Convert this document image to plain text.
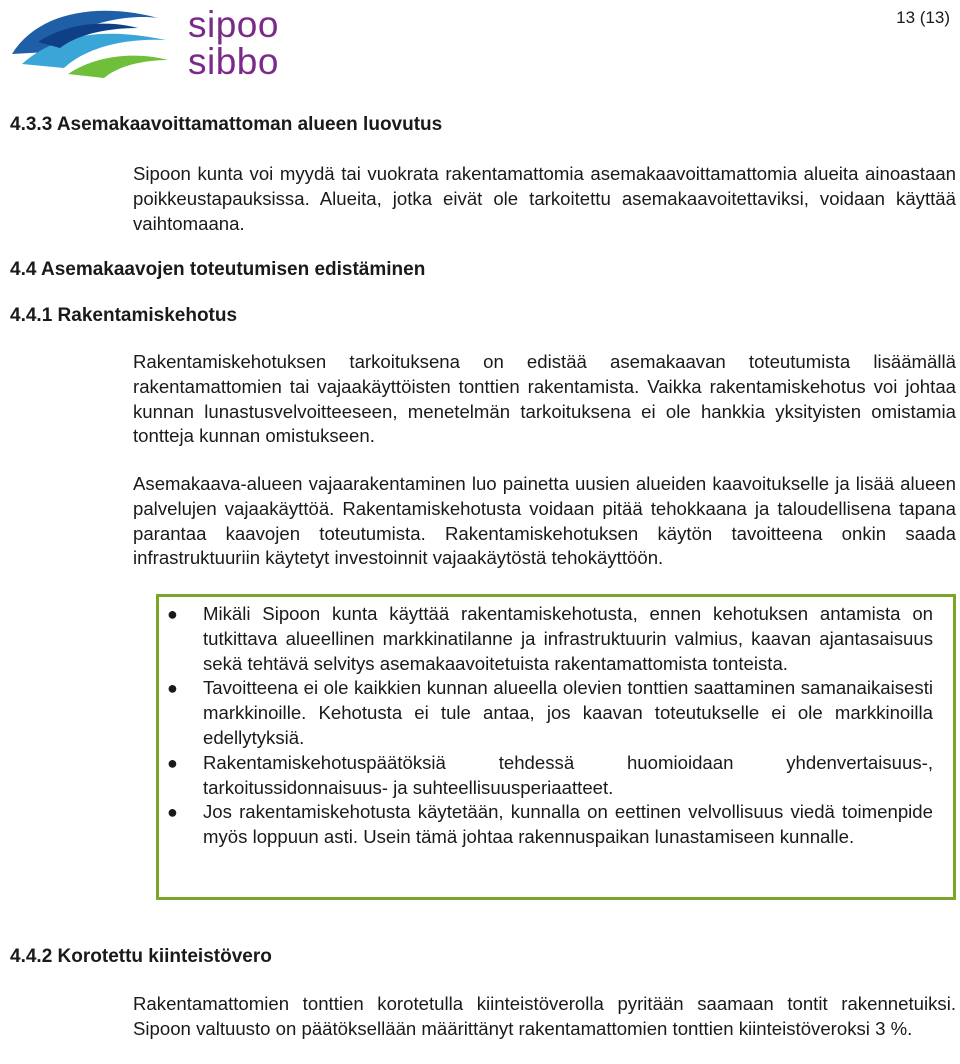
sipoo
sibbo
13 (13)
4.3.3 Asemakaavoittamattoman alueen luovutus

Sipoon kunta voi myydä tai vuokrata rakentamattomia asemakaavoittamattomia alueita ainoastaan poikkeustapauksissa. Alueita, jotka eivät ole tarkoitettu asemakaavoitettaviksi, voidaan käyttää vaihtomaana.

4.4 Asemakaavojen toteutumisen edistäminen
4.4.1 Rakentamiskehotus

Rakentamiskehotuksen tarkoituksena on edistää asemakaavan toteutumista lisäämällä rakentamattomien tai vajaakäyttöisten tonttien rakentamista. Vaikka rakentamiskehotus voi johtaa kunnan lunastusvelvoitteeseen, menetelmän tarkoituksena ei ole hankkia yksityisten omistamia tontteja kunnan omistukseen.

Asemakaava-alueen vajaarakentaminen luo painetta uusien alueiden kaavoitukselle ja lisää alueen palvelujen vajaakäyttöä. Rakentamiskehotusta voidaan pitää tehokkaana ja taloudellisena tapana parantaa kaavojen toteutumista. Rakentamiskehotuksen käytön tavoitteena onkin saada infrastruktuuriin käytetyt investoinnit vajaakäytöstä tehokäyttöön.

● Mikäli Sipoon kunta käyttää rakentamiskehotusta, ennen kehotuksen antamista on tutkittava alueellinen markkinatilanne ja infrastruktuurin valmius, kaavan ajantasaisuus sekä tehtävä selvitys asemakaavoitetuista rakentamattomista tonteista.
● Tavoitteena ei ole kaikkien kunnan alueella olevien tonttien saattaminen samanaikaisesti markkinoille. Kehotusta ei tule antaa, jos kaavan toteutukselle ei ole markkinoilla edellytyksiä.
● Rakentamiskehotuspäätöksiä tehdessä huomioidaan yhdenvertaisuus-, tarkoitussidonnaisuus- ja suhteellisuusperiaatteet.
● Jos rakentamiskehotusta käytetään, kunnalla on eettinen velvollisuus viedä toimenpide myös loppuun asti. Usein tämä johtaa rakennuspaikan lunastamiseen kunnalle.
4.4.2 Korotettu kiinteistövero

Rakentamattomien tonttien korotetulla kiinteistöverolla pyritään saamaan tontit rakennetuiksi. Sipoon valtuusto on päätöksellään määrittänyt rakentamattomien tonttien kiinteistöveroksi 3 %.
